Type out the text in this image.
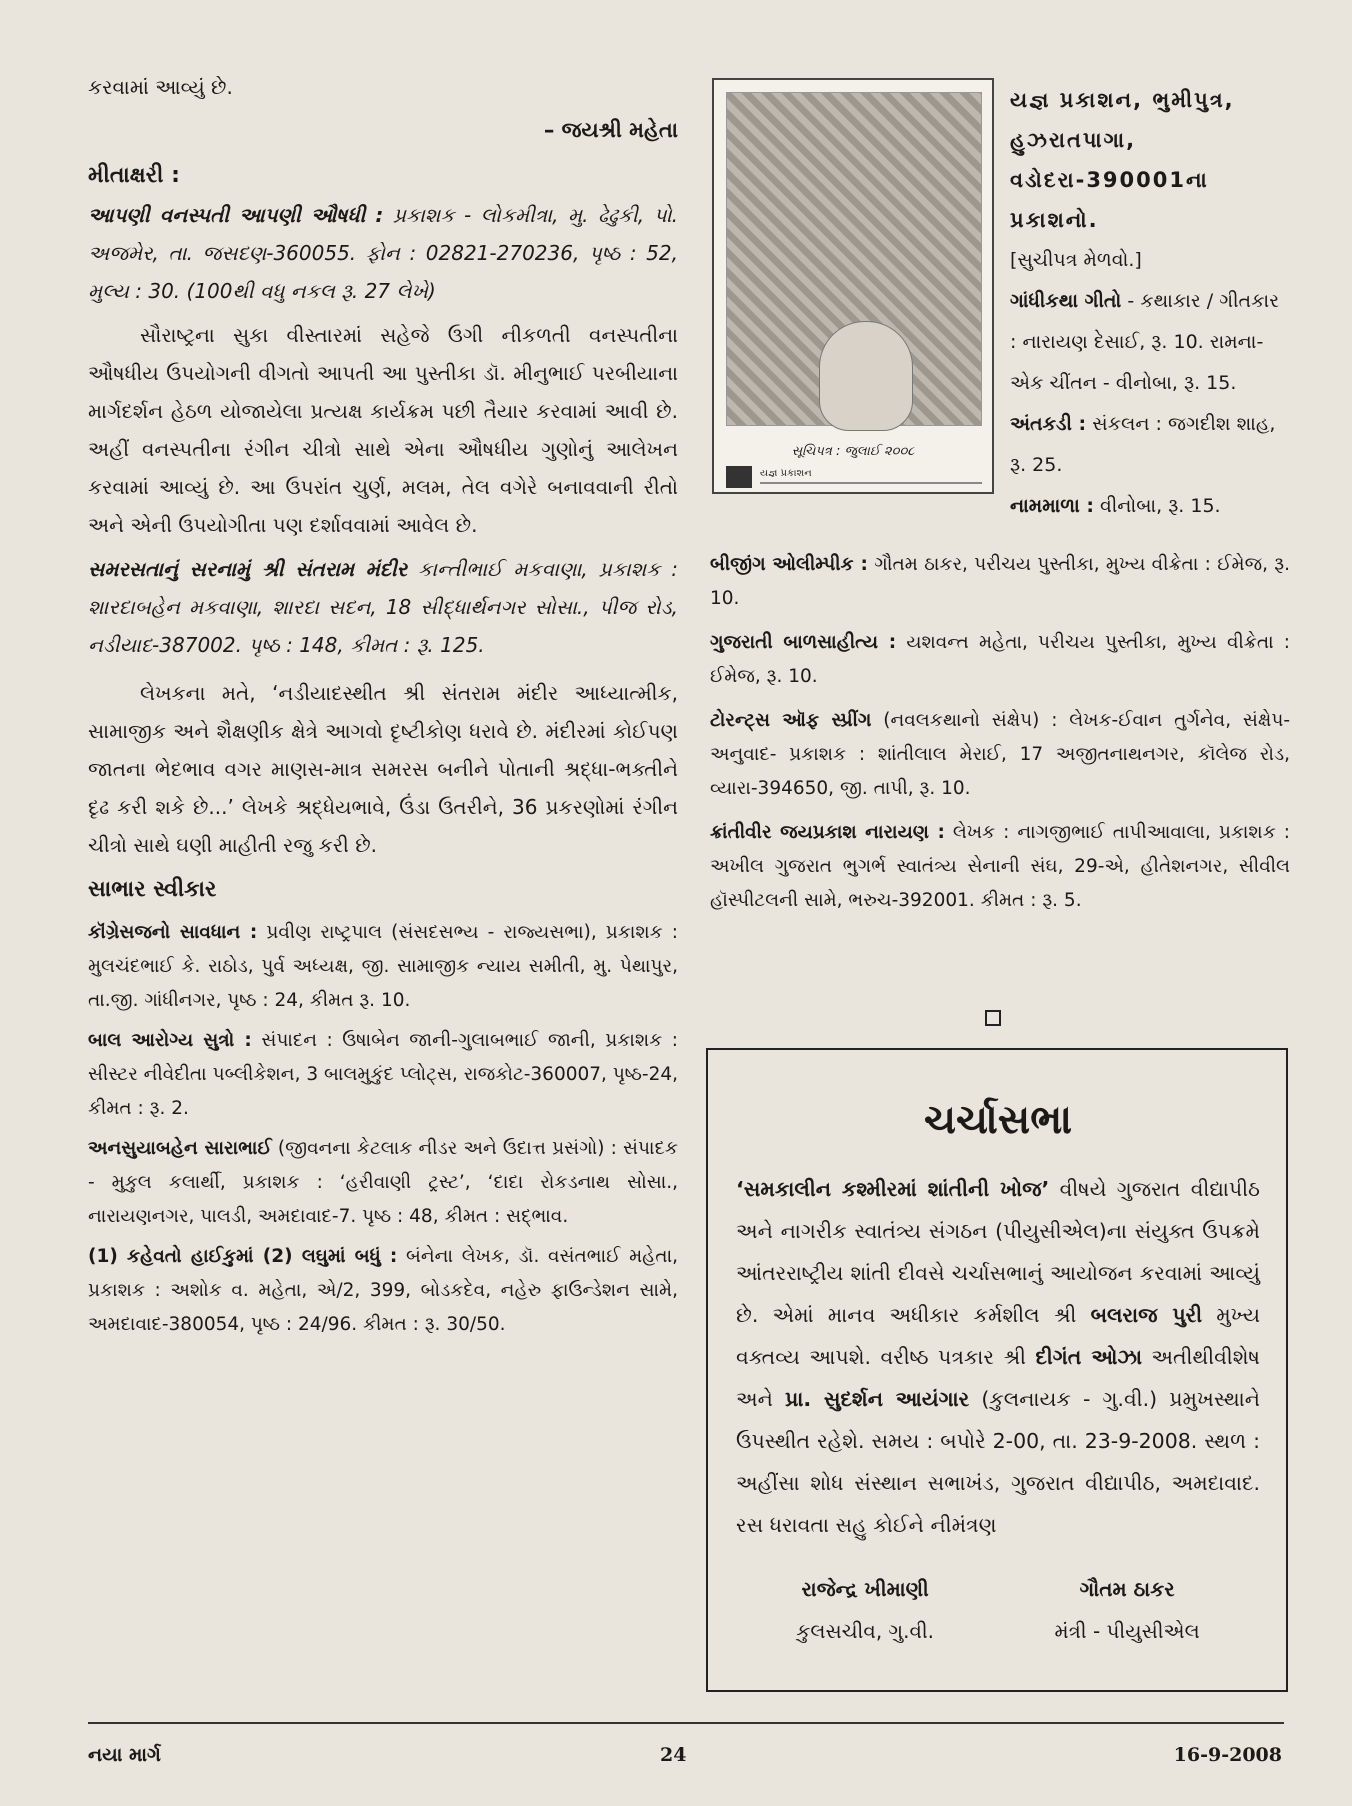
કરવામાં આવ્યું છે.

– જયશ્રી મહેતા

મીતાક્ષરી :

આપણી વનસ્પતી આપણી ઔષધી : પ્રકાશક - લોકમીત્રા, મુ. ઢેઢુકી, પો. અજમેર, તા. જસદણ-360055. ફોન : 02821-270236, પૃષ્ઠ : 52, મુલ્ય : 30. (100થી વધુ નકલ રૂ. 27 લેખે)

સૌરાષ્ટ્રના સુકા વીસ્તારમાં સહેજે ઉગી નીકળતી વનસ્પતીના ઔષધીય ઉપયોગની વીગતો આપતી આ પુસ્તીકા ડૉ. મીનુભાઈ પરબીયાના માર્ગદર્શન હેઠળ યોજાયેલા પ્રત્યક્ષ કાર્યક્રમ પછી તૈયાર કરવામાં આવી છે. અહીં વનસ્પતીના રંગીન ચીત્રો સાથે એના ઔષધીય ગુણોનું આલેખન કરવામાં આવ્યું છે. આ ઉપરાંત ચુર્ણ, મલમ, તેલ વગેરે બનાવવાની રીતો અને એની ઉપયોગીતા પણ દર્શાવવામાં આવેલ છે.

સમરસતાનું સરનામું શ્રી સંતરામ મંદીર કાન્તીભાઈ મકવાણા, પ્રકાશક : શારદાબહેન મકવાણા, શારદા સદન, 18 સીદ્ધાર્થનગર સોસા., પીજ રોડ, નડીયાદ-387002. પૃષ્ઠ : 148, કીમત : રૂ. 125.

લેખકના મતે, ‘નડીયાદસ્થીત શ્રી સંતરામ મંદીર આધ્યાત્મીક, સામાજીક અને શૈક્ષણીક ક્ષેત્રે આગવો દૃષ્ટીકોણ ધરાવે છે. મંદીરમાં કોઈપણ જાતના ભેદભાવ વગર માણસ-માત્ર સમરસ બનીને પોતાની શ્રદ્ધા-ભક્તીને દૃઢ કરી શકે છે...’ લેખકે શ્રદ્ધેયભાવે, ઉંડા ઉતરીને, 36 પ્રકરણોમાં રંગીન ચીત્રો સાથે ઘણી માહીતી રજુ કરી છે.

સાભાર સ્વીકાર

કૉંગ્રેસજનો સાવધાન : પ્રવીણ રાષ્ટ્રપાલ (સંસદસભ્ય - રાજ્યસભા), પ્રકાશક : મુલચંદભાઈ કે. રાઠોડ, પુર્વ અધ્યક્ષ, જી. સામાજીક ન્યાય સમીતી, મુ. પેથાપુર, તા.જી. ગાંધીનગર, પૃષ્ઠ : 24, કીમત રૂ. 10.

બાલ આરોગ્ય સુત્રો : સંપાદન : ઉષાબેન જાની-ગુલાબભાઈ જાની, પ્રકાશક : સીસ્ટર નીવેદીતા પબ્લીકેશન, 3 બાલમુકુંદ પ્લોટ્સ, રાજકોટ-360007, પૃષ્ઠ-24, કીમત : રૂ. 2.

અનસુયાબહેન સારાભાઈ (જીવનના કેટલાક નીડર અને ઉદાત્ત પ્રસંગો) : સંપાદક - મુકુલ કલાર્થી, પ્રકાશક : ‘હરીવાણી ટ્રસ્ટ’, ‘દાદા રોકડનાથ સોસા., નારાયણનગર, પાલડી, અમદાવાદ-7. પૃષ્ઠ : 48, કીમત : સદ્‌ભાવ.

(1) કહેવતો હાઈકુમાં (2) લઘુમાં બધું : બંનેના લેખક, ડૉ. વસંતભાઈ મહેતા, પ્રકાશક : અશોક વ. મહેતા, એ/2, 399, બોડકદેવ, નહેરુ ફાઉન્ડેશન સામે, અમદાવાદ-380054, પૃષ્ઠ : 24/96. કીમત : રૂ. 30/50.

સૂચિપત્ર : જુલાઈ ૨૦૦૮
યજ્ઞ પ્રકાશન

યજ્ઞ પ્રકાશન, ભુમીપુત્ર, હુઝરાતપાગા, વડોદરા-390001ના પ્રકાશનો.

[સુચીપત્ર મેળવો.]

ગાંધીકથા ગીતો - કથાકાર / ગીતકાર : નારાયણ દેસાઈ, રૂ. 10. રામના-એક ચીંતન - વીનોબા, રૂ. 15.

અંતકડી : સંકલન : જગદીશ શાહ, રૂ. 25.

નામમાળા : વીનોબા, રૂ. 15.

બીજીંગ ઓલીમ્પીક : ગૌતમ ઠાકર, પરીચય પુસ્તીકા, મુખ્ય વીક્રેતા : ઈમેજ, રૂ. 10.

ગુજરાતી બાળસાહીત્ય : યશવન્ત મહેતા, પરીચય પુસ્તીકા, મુખ્ય વીક્રેતા : ઈમેજ, રૂ. 10.

ટોરન્ટ્સ ઑફ સ્પ્રીંગ (નવલકથાનો સંક્ષેપ) : લેખક-ઈવાન તુર્ગનેવ, સંક્ષેપ-અનુવાદ- પ્રકાશક : શાંતીલાલ મેરાઈ, 17 અજીતનાથનગર, કૉલેજ રોડ, વ્યારા-394650, જી. તાપી, રૂ. 10.

ક્રાંતીવીર જયપ્રકાશ નારાયણ : લેખક : નાગજીભાઈ તાપીઆવાલા, પ્રકાશક : અખીલ ગુજરાત ભુગર્ભ સ્વાતંત્ર્ય સેનાની સંઘ, 29-એ, હીતેશનગર, સીવીલ હૉસ્પીટલની સામે, ભરુચ-392001. કીમત : રૂ. 5.

ચર્ચાસભા

‘સમકાલીન કશ્મીરમાં શાંતીની ખોજ’ વીષયે ગુજરાત વીદ્યાપીઠ અને નાગરીક સ્વાતંત્ર્ય સંગઠન (પીયુસીએલ)ના સંયુક્ત ઉપક્રમે આંતરરાષ્ટ્રીય શાંતી દીવસે ચર્ચાસભાનું આયોજન કરવામાં આવ્યું છે. એમાં માનવ અધીકાર કર્મશીલ શ્રી બલરાજ પુરી મુખ્ય વક્તવ્ય આપશે. વરીષ્ઠ પત્રકાર શ્રી દીગંત ઓઝા અતીથીવીશેષ અને પ્રા. સુદર્શન આયંગાર (કુલનાયક - ગુ.વી.) પ્રમુખસ્થાને ઉપસ્થીત રહેશે. સમય : બપોરે 2-00, તા. 23-9-2008. સ્થળ : અહીંસા શોધ સંસ્થાન સભાખંડ, ગુજરાત વીદ્યાપીઠ, અમદાવાદ. રસ ધરાવતા સહુ કોઈને નીમંત્રણ

રાજેન્દ્ર ખીમાણી
કુલસચીવ, ગુ.વી.
ગૌતમ ઠાકર
મંત્રી - પીયુસીએલ
નયા માર્ગ	24	16-9-2008
